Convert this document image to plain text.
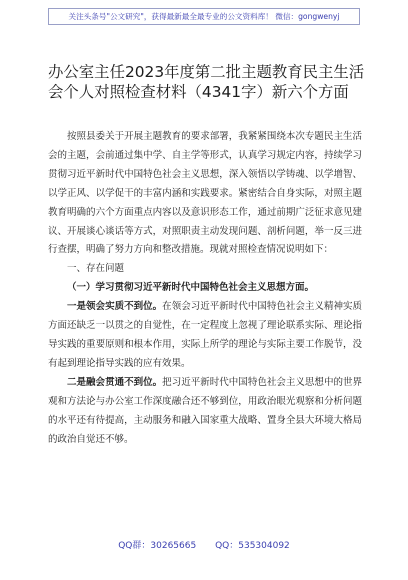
关注头条号"公文研究"，获得最新最全最专业的公文资料库！ 微信：gongwenyj
办公室主任2023年度第二批主题教育民主生活会个人对照检查材料（4341字）新六个方面

按照县委关于开展主题教育的要求部署，我紧紧围绕本次专题民主生活会的主题，会前通过集中学、自主学等形式，认真学习规定内容，持续学习贯彻习近平新时代中国特色社会主义思想，深入领悟以学铸魂、以学增智、以学正风、以学促干的丰富内涵和实践要求。紧密结合自身实际，对照主题教育明确的六个方面重点内容以及意识形态工作，通过前期广泛征求意见建议、开展谈心谈话等方式，对照职责主动发现问题、剖析问题，举一反三进行查摆，明确了努力方向和整改措施。现就对照检查情况说明如下：

一、存在问题

（一）学习贯彻习近平新时代中国特色社会主义思想方面。

一是领会实质不到位。在领会习近平新时代中国特色社会主义精神实质方面还缺乏一以贯之的自觉性，在一定程度上忽视了理论联系实际、理论指导实践的重要原则和根本作用，实际上所学的理论与实际主要工作脱节，没有起到理论指导实践的应有效果。

二是融会贯通不到位。把习近平新时代中国特色社会主义思想中的世界观和方法论与办公室工作深度融合还不够到位，用政治眼光观察和分析问题的水平还有待提高，主动服务和融入国家重大战略、置身全县大环境大格局的政治自觉还不够。

QQ群：30265665 QQ：535304092
